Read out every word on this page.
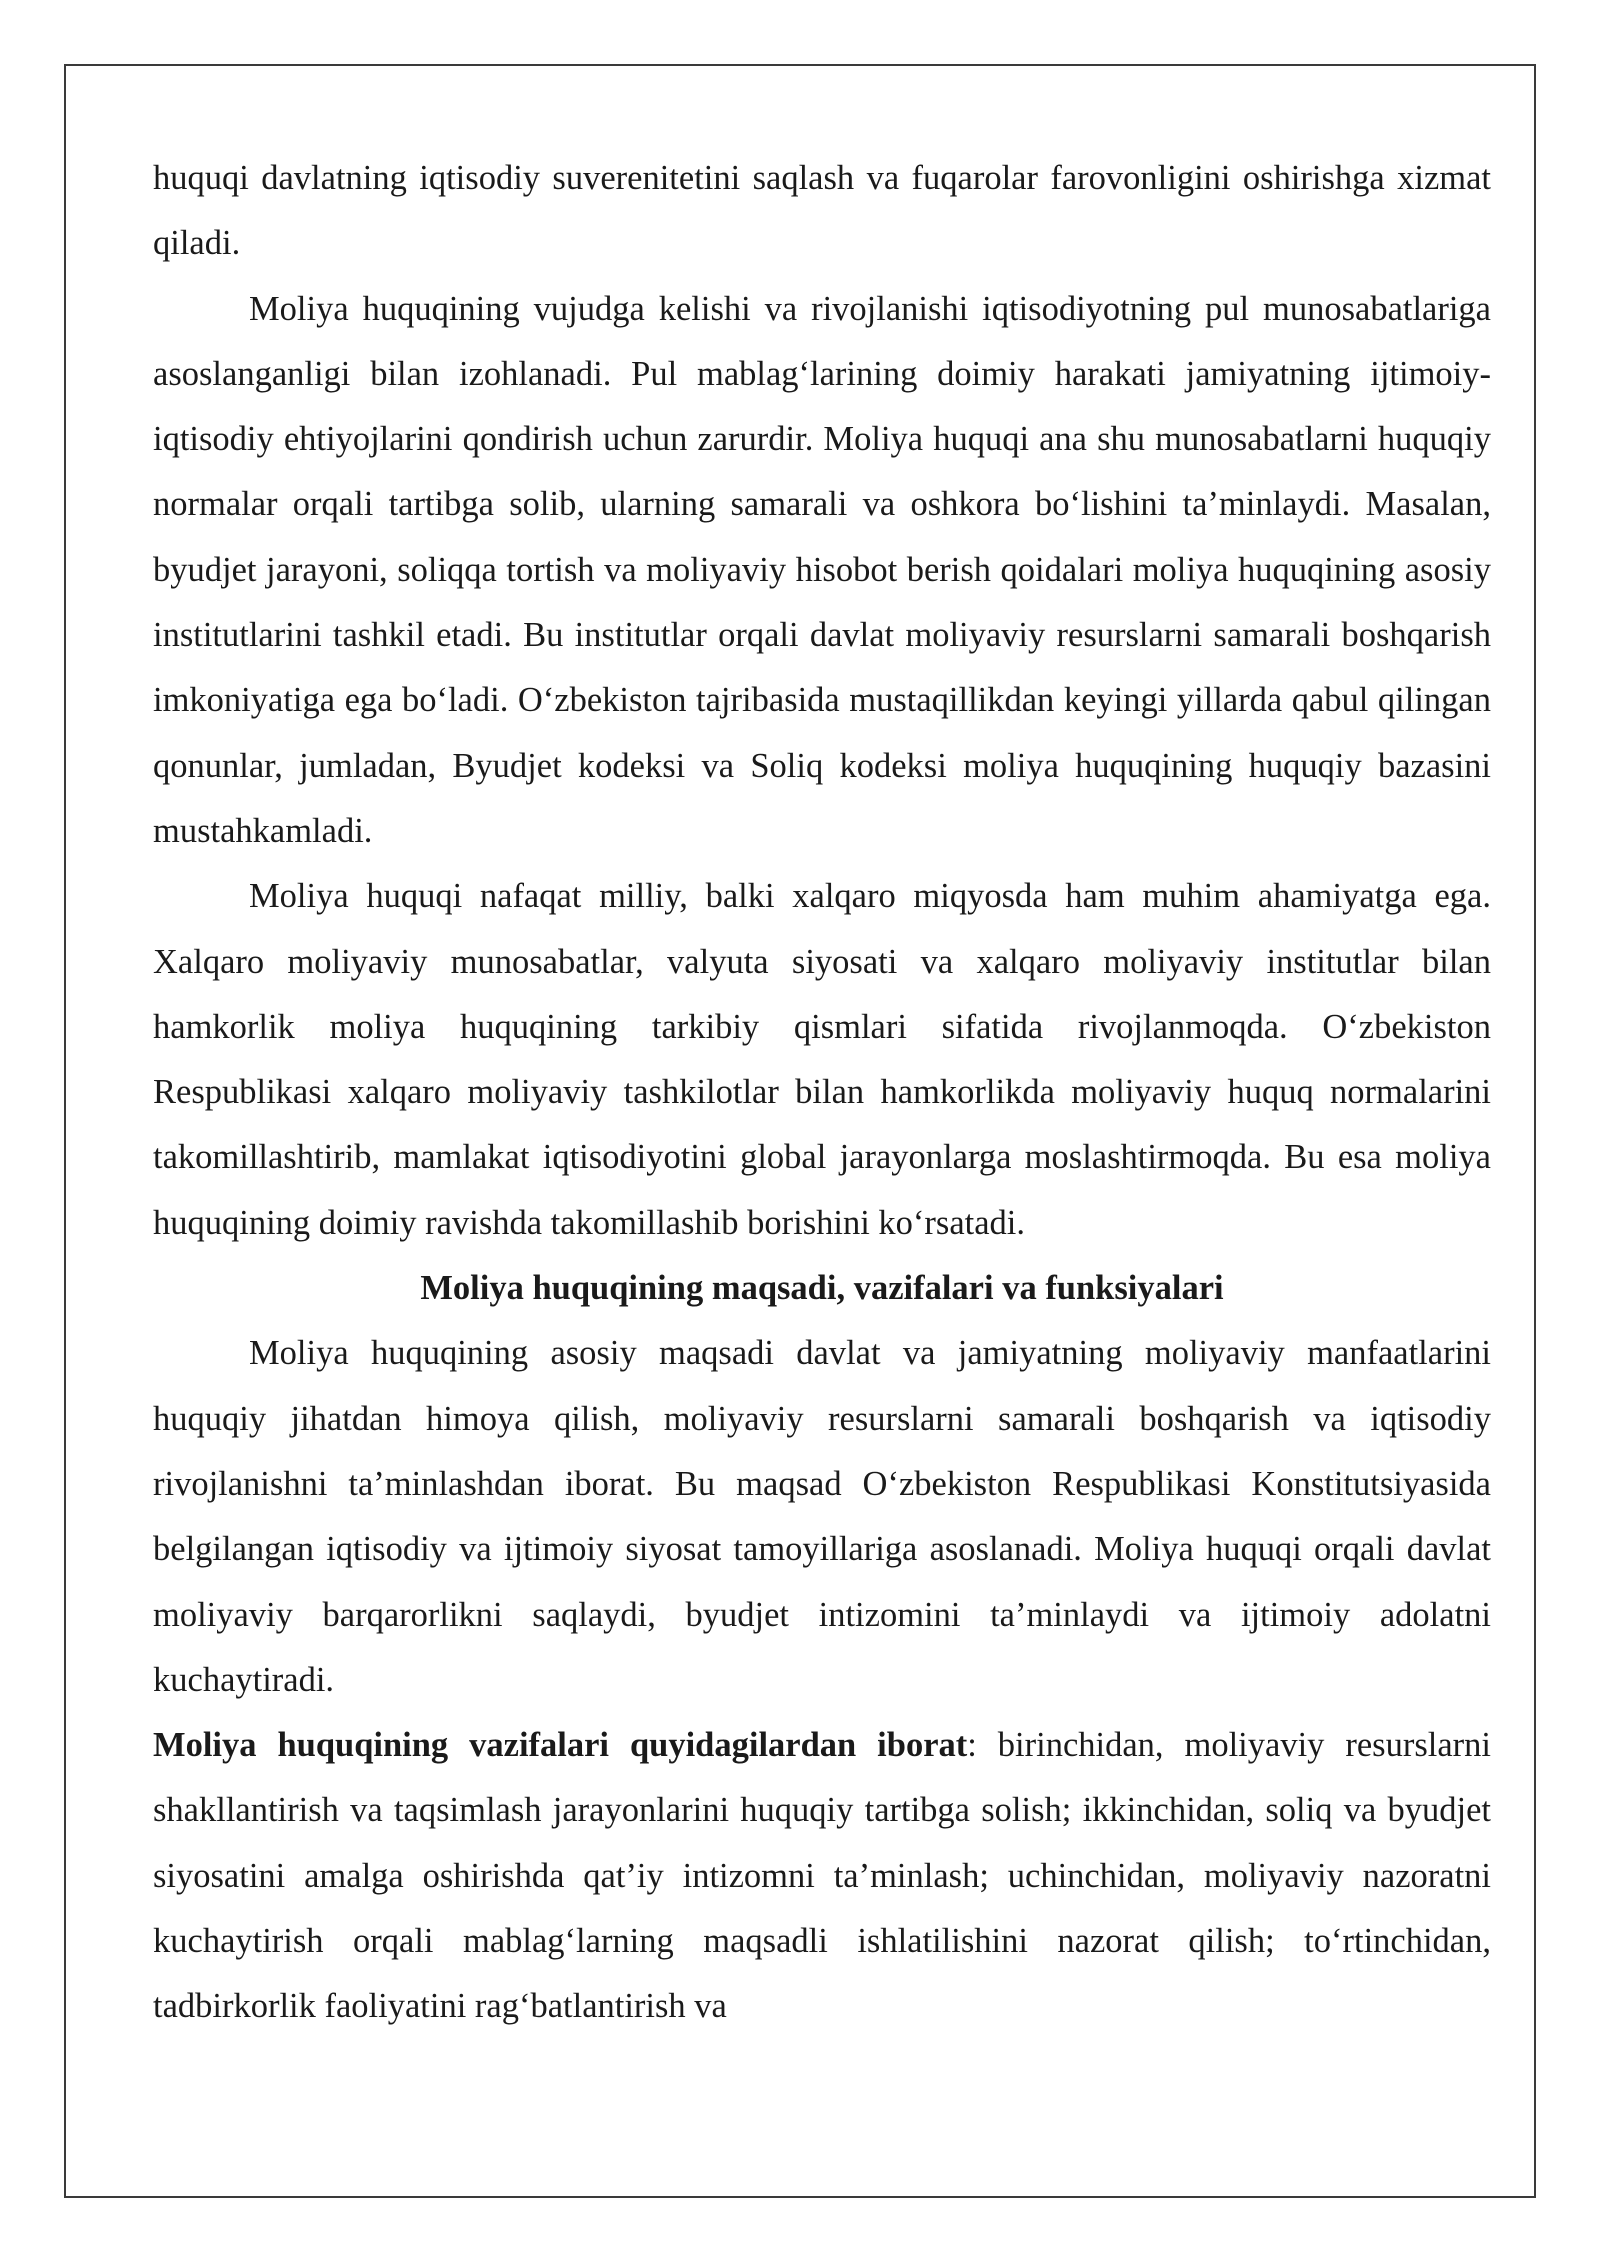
huquqi davlatning iqtisodiy suverenitetini saqlash va fuqarolar farovonligini oshirishga xizmat qiladi.

Moliya huquqining vujudga kelishi va rivojlanishi iqtisodiyotning pul munosabatlariga asoslanganligi bilan izohlanadi. Pul mablag‘larining doimiy harakati jamiyatning ijtimoiy-iqtisodiy ehtiyojlarini qondirish uchun zarurdir. Moliya huquqi ana shu munosabatlarni huquqiy normalar orqali tartibga solib, ularning samarali va oshkora bo‘lishini ta’minlaydi. Masalan, byudjet jarayoni, soliqqa tortish va moliyaviy hisobot berish qoidalari moliya huquqining asosiy institutlarini tashkil etadi. Bu institutlar orqali davlat moliyaviy resurslarni samarali boshqarish imkoniyatiga ega bo‘ladi. O‘zbekiston tajribasida mustaqillikdan keyingi yillarda qabul qilingan qonunlar, jumladan, Byudjet kodeksi va Soliq kodeksi moliya huquqining huquqiy bazasini mustahkamladi.

Moliya huquqi nafaqat milliy, balki xalqaro miqyosda ham muhim ahamiyatga ega. Xalqaro moliyaviy munosabatlar, valyuta siyosati va xalqaro moliyaviy institutlar bilan hamkorlik moliya huquqining tarkibiy qismlari sifatida rivojlanmoqda. O‘zbekiston Respublikasi xalqaro moliyaviy tashkilotlar bilan hamkorlikda moliyaviy huquq normalarini takomillashtirib, mamlakat iqtisodiyotini global jarayonlarga moslashtirmoqda. Bu esa moliya huquqining doimiy ravishda takomillashib borishini ko‘rsatadi.

Moliya huquqining maqsadi, vazifalari va funksiyalari

Moliya huquqining asosiy maqsadi davlat va jamiyatning moliyaviy manfaatlarini huquqiy jihatdan himoya qilish, moliyaviy resurslarni samarali boshqarish va iqtisodiy rivojlanishni ta’minlashdan iborat. Bu maqsad O‘zbekiston Respublikasi Konstitutsiyasida belgilangan iqtisodiy va ijtimoiy siyosat tamoyillariga asoslanadi. Moliya huquqi orqali davlat moliyaviy barqarorlikni saqlaydi, byudjet intizomini ta’minlaydi va ijtimoiy adolatni kuchaytiradi.

Moliya huquqining vazifalari quyidagilardan iborat: birinchidan, moliyaviy resurslarni shakllantirish va taqsimlash jarayonlarini huquqiy tartibga solish; ikkinchidan, soliq va byudjet siyosatini amalga oshirishda qat’iy intizomni ta’minlash; uchinchidan, moliyaviy nazoratni kuchaytirish orqali mablag‘larning maqsadli ishlatilishini nazorat qilish; to‘rtinchidan, tadbirkorlik faoliyatini rag‘batlantirish va
